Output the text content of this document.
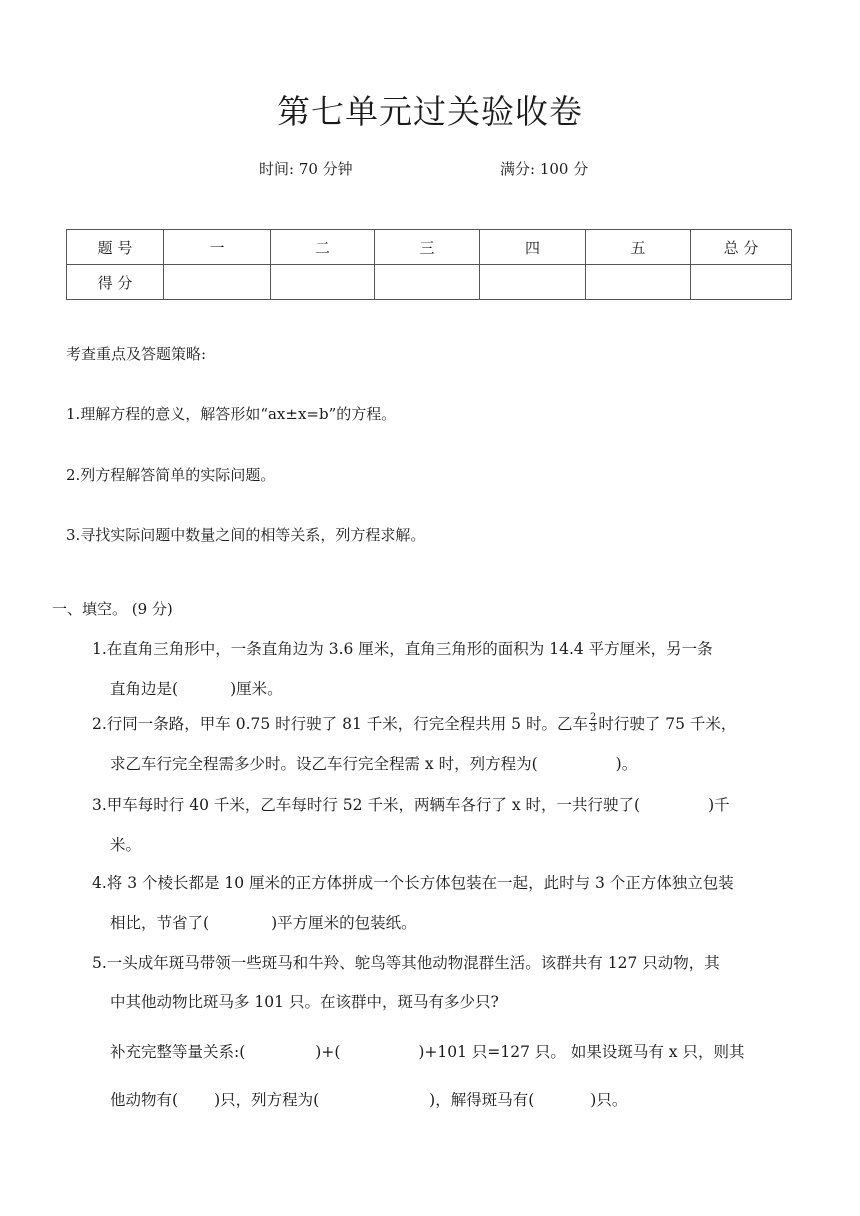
第七单元过关验收卷
时间: 70 分钟	满分: 100 分
题 号	一	二	三	四	五	总 分
得 分						
考查重点及答题策略:
1.理解方程的意义，解答形如“ax±x=b”的方程。
2.列方程解答简单的实际问题。
3.寻找实际问题中数量之间的相等关系，列方程求解。
一、填空。 (9 分)
1.在直角三角形中，一条直角边为 3.6 厘米，直角三角形的面积为 14.4 平方厘米，另一条
直角边是(	)厘米。
2.行同一条路，甲车 0.75 时行驶了 81 千米，行完全程共用 5 时。乙车 $\frac{2}{3}$ 时行驶了 75 千米，
求乙车行完全程需多少时。设乙车行完全程需 x 时，列方程为(	)。
3.甲车每时行 40 千米，乙车每时行 52 千米，两辆车各行了 x 时，一共行驶了(	)千
米。
4.将 3 个棱长都是 10 厘米的正方体拼成一个长方体包装在一起，此时与 3 个正方体独立包装
相比，节省了(	)平方厘米的包装纸。
5.一头成年斑马带领一些斑马和牛羚、鸵鸟等其他动物混群生活。该群共有 127 只动物，其
中其他动物比斑马多 101 只。在该群中，斑马有多少只?
补充完整等量关系:(	)+(	)+101 只=127 只。 如果设斑马有 x 只，则其
他动物有( )只，列方程为(	)，解得斑马有(	)只。
